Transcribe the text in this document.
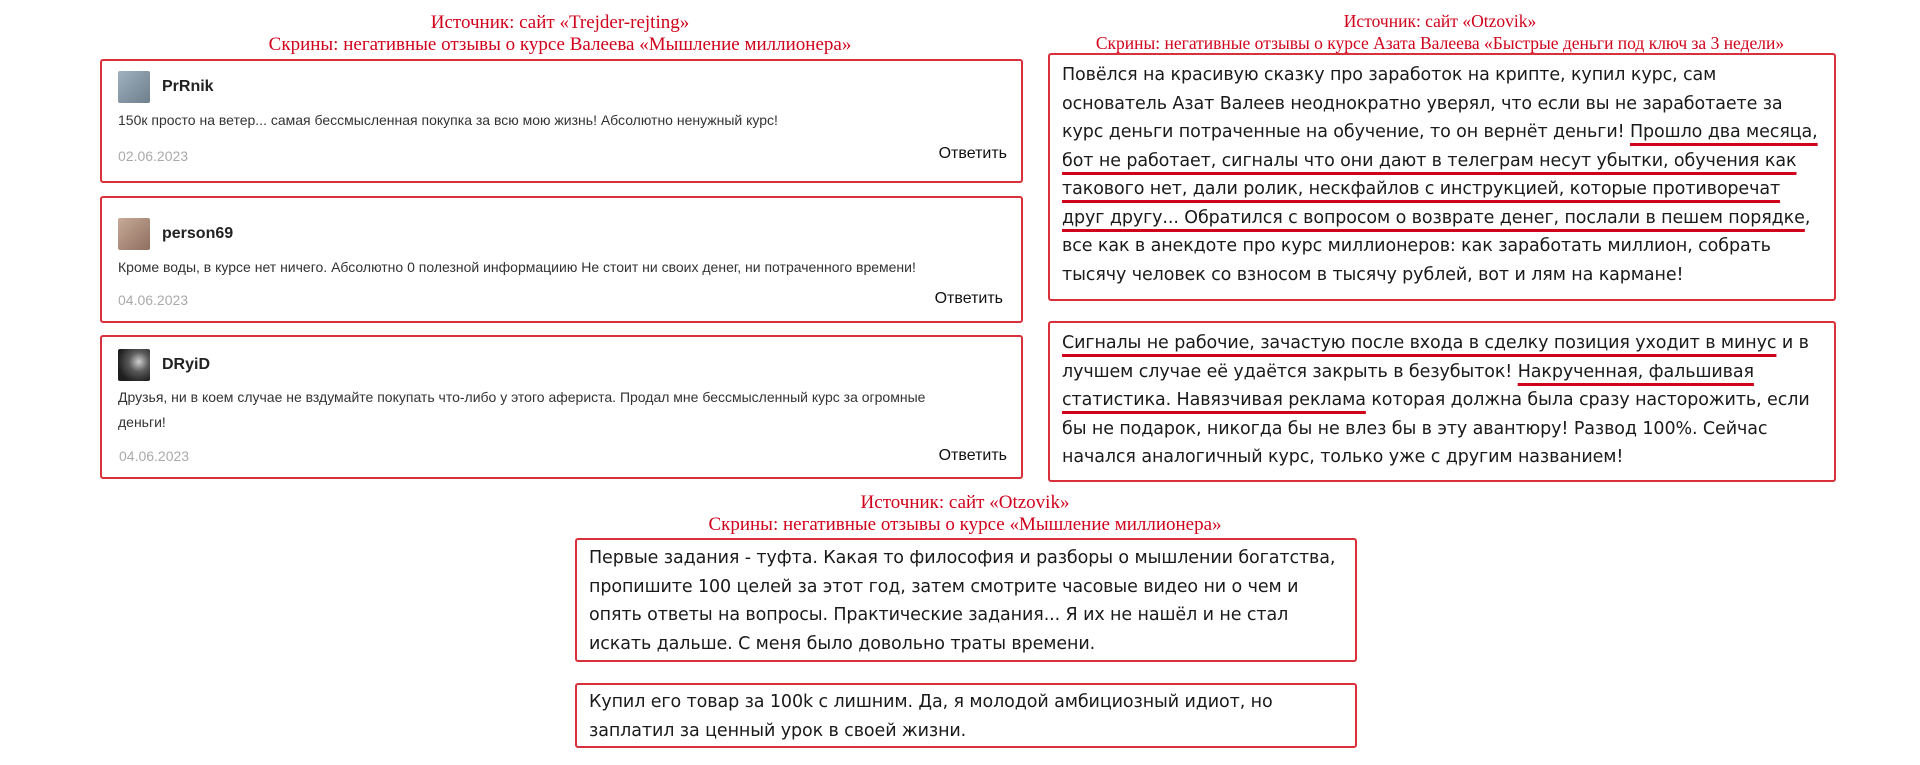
Источник: сайт «Trejder-rejting»
Скрины: негативные отзывы о курсе Валеева «Мышление миллионера»
Источник: сайт «Otzovik»
Скрины: негативные отзывы о курсе Азата Валеева «Быстрые деньги под ключ за 3 недели»
Источник: сайт «Otzovik»
Скрины: негативные отзывы о курсе «Мышление миллионера»
PrRnik
150к просто на ветер... самая бессмысленная покупка за всю мою жизнь! Абсолютно ненужный курс!
02.06.2023	Ответить
person69
Кроме воды, в курсе нет ничего. Абсолютно 0 полезной информациию Не стоит ни своих денег, ни потраченного времени!
04.06.2023	Ответить
DRyiD
Друзья, ни в коем случае не вздумайте покупать что-либо у этого афериста. Продал мне бессмысленный курс за огромные деньги!
04.06.2023	Ответить
Повёлся на красивую сказку про заработок на крипте, купил курс, сам основатель Азат Валеев неоднократно уверял, что если вы не заработаете за курс деньги потраченные на обучение, то он вернёт деньги! Прошло два месяца, бот не работает, сигналы что они дают в телеграм несут убытки, обучения как такового нет, дали ролик, нескфайлов с инструкцией, которые противоречат друг другу... Обратился с вопросом о возврате денег, послали в пешем порядке, все как в анекдоте про курс миллионеров: как заработать миллион, собрать тысячу человек со взносом в тысячу рублей, вот и лям на кармане!
Сигналы не рабочие, зачастую после входа в сделку позиция уходит в минус и в лучшем случае её удаётся закрыть в безубыток! Накрученная, фальшивая статистика. Навязчивая реклама которая должна была сразу насторожить, если бы не подарок, никогда бы не влез бы в эту авантюру! Развод 100%. Сейчас начался аналогичный курс, только уже с другим названием!
Первые задания - туфта. Какая то философия и разборы о мышлении богатства, пропишите 100 целей за этот год, затем смотрите часовые видео ни о чем и опять ответы на вопросы. Практические задания... Я их не нашёл и не стал искать дальше. С меня было довольно траты времени.
Купил его товар за 100k с лишним. Да, я молодой амбициозный идиот, но заплатил за ценный урок в своей жизни.
